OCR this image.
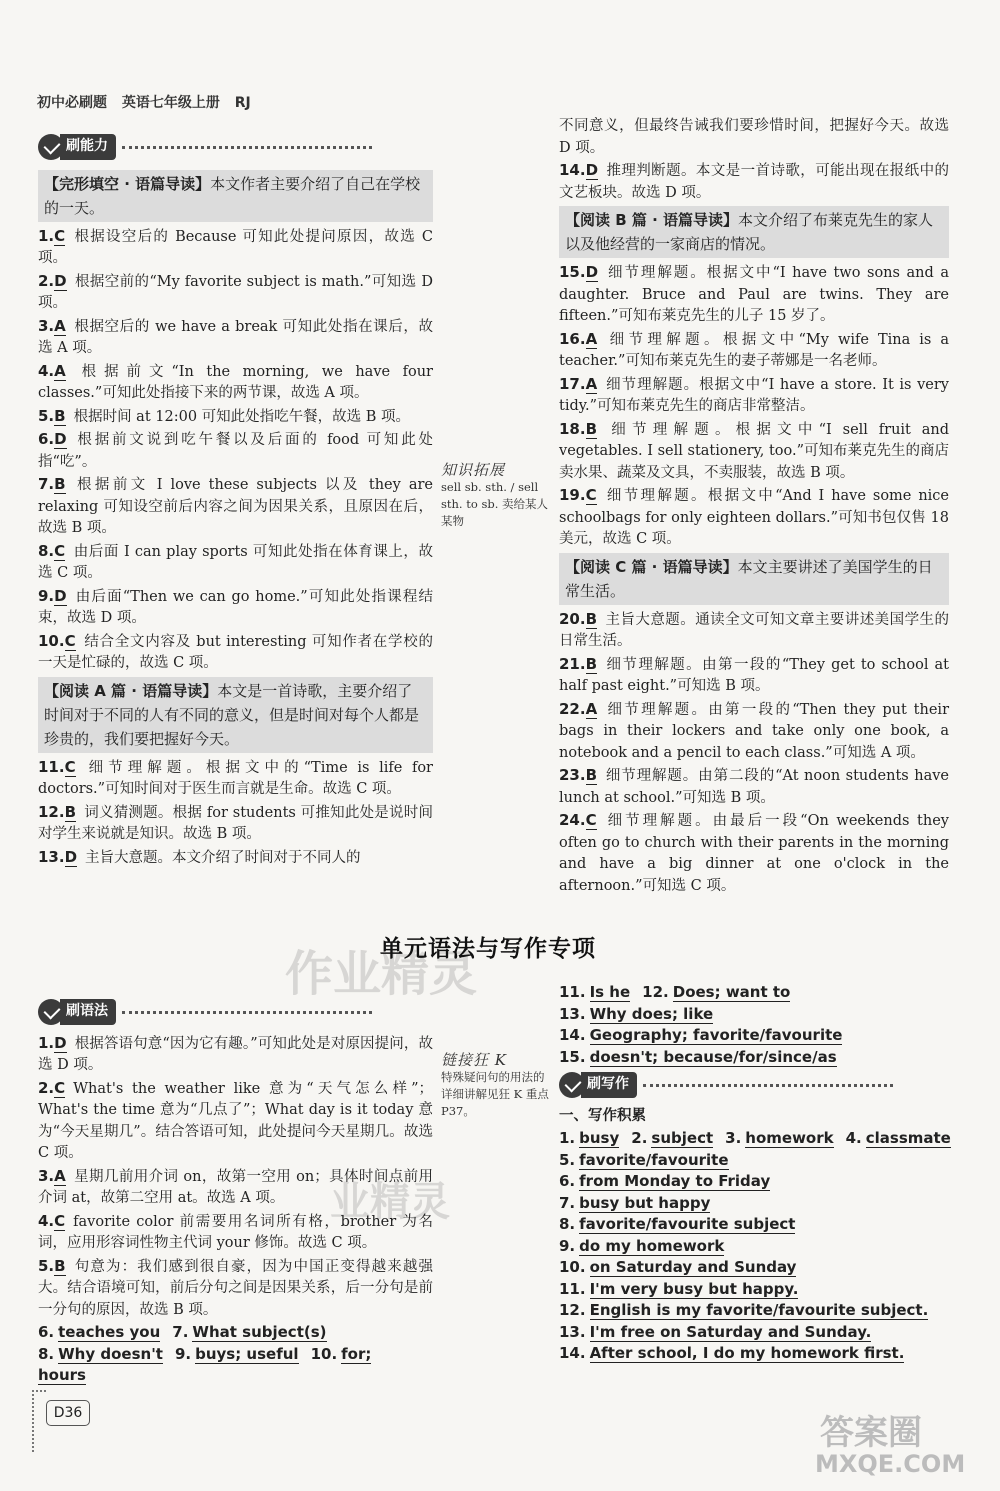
初中必刷题 英语七年级上册 RJ
刷能力
【完形填空 · 语篇导读】本文作者主要介绍了自己在学校的一天。
1.C 根据设空后的 Because 可知此处提问原因，故选 C 项。
2.D 根据空前的“My favorite subject is math.”可知选 D 项。
3.A 根据空后的 we have a break 可知此处指在课后，故选 A 项。
4.A 根据前文“In the morning, we have four classes.”可知此处指接下来的两节课，故选 A 项。
5.B 根据时间 at 12:00 可知此处指吃午餐，故选 B 项。
6.D 根据前文说到吃午餐以及后面的 food 可知此处指“吃”。
7.B 根据前文 I love these subjects 以及 they are relaxing 可知设空前后内容之间为因果关系，且原因在后，故选 B 项。
8.C 由后面 I can play sports 可知此处指在体育课上，故选 C 项。
9.D 由后面“Then we can go home.”可知此处指课程结束，故选 D 项。
10.C 结合全文内容及 but interesting 可知作者在学校的一天是忙碌的，故选 C 项。
【阅读 A 篇 · 语篇导读】本文是一首诗歌，主要介绍了时间对于不同的人有不同的意义，但是时间对每个人都是珍贵的，我们要把握好今天。
11.C 细节理解题。根据文中的“Time is life for doctors.”可知时间对于医生而言就是生命。故选 C 项。
12.B 词义猜测题。根据 for students 可推知此处是说时间对学生来说就是知识。故选 B 项。
13.D 主旨大意题。本文介绍了时间对于不同人的
知识拓展
sell sb. sth. / sell sth. to sb. 卖给某人某物
不同意义，但最终告诫我们要珍惜时间，把握好今天。故选 D 项。
14.D 推理判断题。本文是一首诗歌，可能出现在报纸中的文艺板块。故选 D 项。
【阅读 B 篇 · 语篇导读】本文介绍了布莱克先生的家人以及他经营的一家商店的情况。
15.D 细节理解题。根据文中“I have two sons and a daughter. Bruce and Paul are twins. They are fifteen.”可知布莱克先生的儿子 15 岁了。
16.A 细节理解题。根据文中“My wife Tina is a teacher.”可知布莱克先生的妻子蒂娜是一名老师。
17.A 细节理解题。根据文中“I have a store. It is very tidy.”可知布莱克先生的商店非常整洁。
18.B 细节理解题。根据文中“I sell fruit and vegetables. I sell stationery, too.”可知布莱克先生的商店卖水果、蔬菜及文具，不卖服装，故选 B 项。
19.C 细节理解题。根据文中“And I have some nice schoolbags for only eighteen dollars.”可知书包仅售 18 美元，故选 C 项。
【阅读 C 篇 · 语篇导读】本文主要讲述了美国学生的日常生活。
20.B 主旨大意题。通读全文可知文章主要讲述美国学生的日常生活。
21.B 细节理解题。由第一段的“They get to school at half past eight.”可知选 B 项。
22.A 细节理解题。由第一段的“Then they put their bags in their lockers and take only one book, a notebook and a pencil to each class.”可知选 A 项。
23.B 细节理解题。由第二段的“At noon students have lunch at school.”可知选 B 项。
24.C 细节理解题。由最后一段“On weekends they often go to church with their parents in the morning and have a big dinner at one o'clock in the afternoon.”可知选 C 项。
作业精灵
业精灵
单元语法与写作专项
刷语法
1.D 根据答语句意“因为它有趣。”可知此处是对原因提问，故选 D 项。
2.C What's the weather like 意为“天气怎么样”；What's the time 意为“几点了”；What day is it today 意为“今天星期几”。结合答语可知，此处提问今天星期几。故选 C 项。
3.A 星期几前用介词 on，故第一空用 on；具体时间点前用介词 at，故第二空用 at。故选 A 项。
4.C favorite color 前需要用名词所有格，brother 为名词，应用形容词性物主代词 your 修饰。故选 C 项。
5.B 句意为：我们感到很自豪，因为中国正变得越来越强大。结合语境可知，前后分句之间是因果关系，后一分句是前一分句的原因，故选 B 项。
6. teaches you 7. What subject(s)
8. Why doesn't 9. buys; useful 10. for; hours
链接狂 K
特殊疑问句的用法的详细讲解见狂 K 重点 P37。
11. Is he 12. Does; want to
13. Why does; like
14. Geography; favorite/favourite
15. doesn't; because/for/since/as
刷写作
一、写作积累
1. busy 2. subject 3. homework 4. classmate
5. favorite/favourite
6. from Monday to Friday
7. busy but happy
8. favorite/favourite subject
9. do my homework
10. on Saturday and Sunday
11. I'm very busy but happy.
12. English is my favorite/favourite subject.
13. I'm free on Saturday and Sunday.
14. After school, I do my homework first.
D36	答案圈
MXQE.COM
